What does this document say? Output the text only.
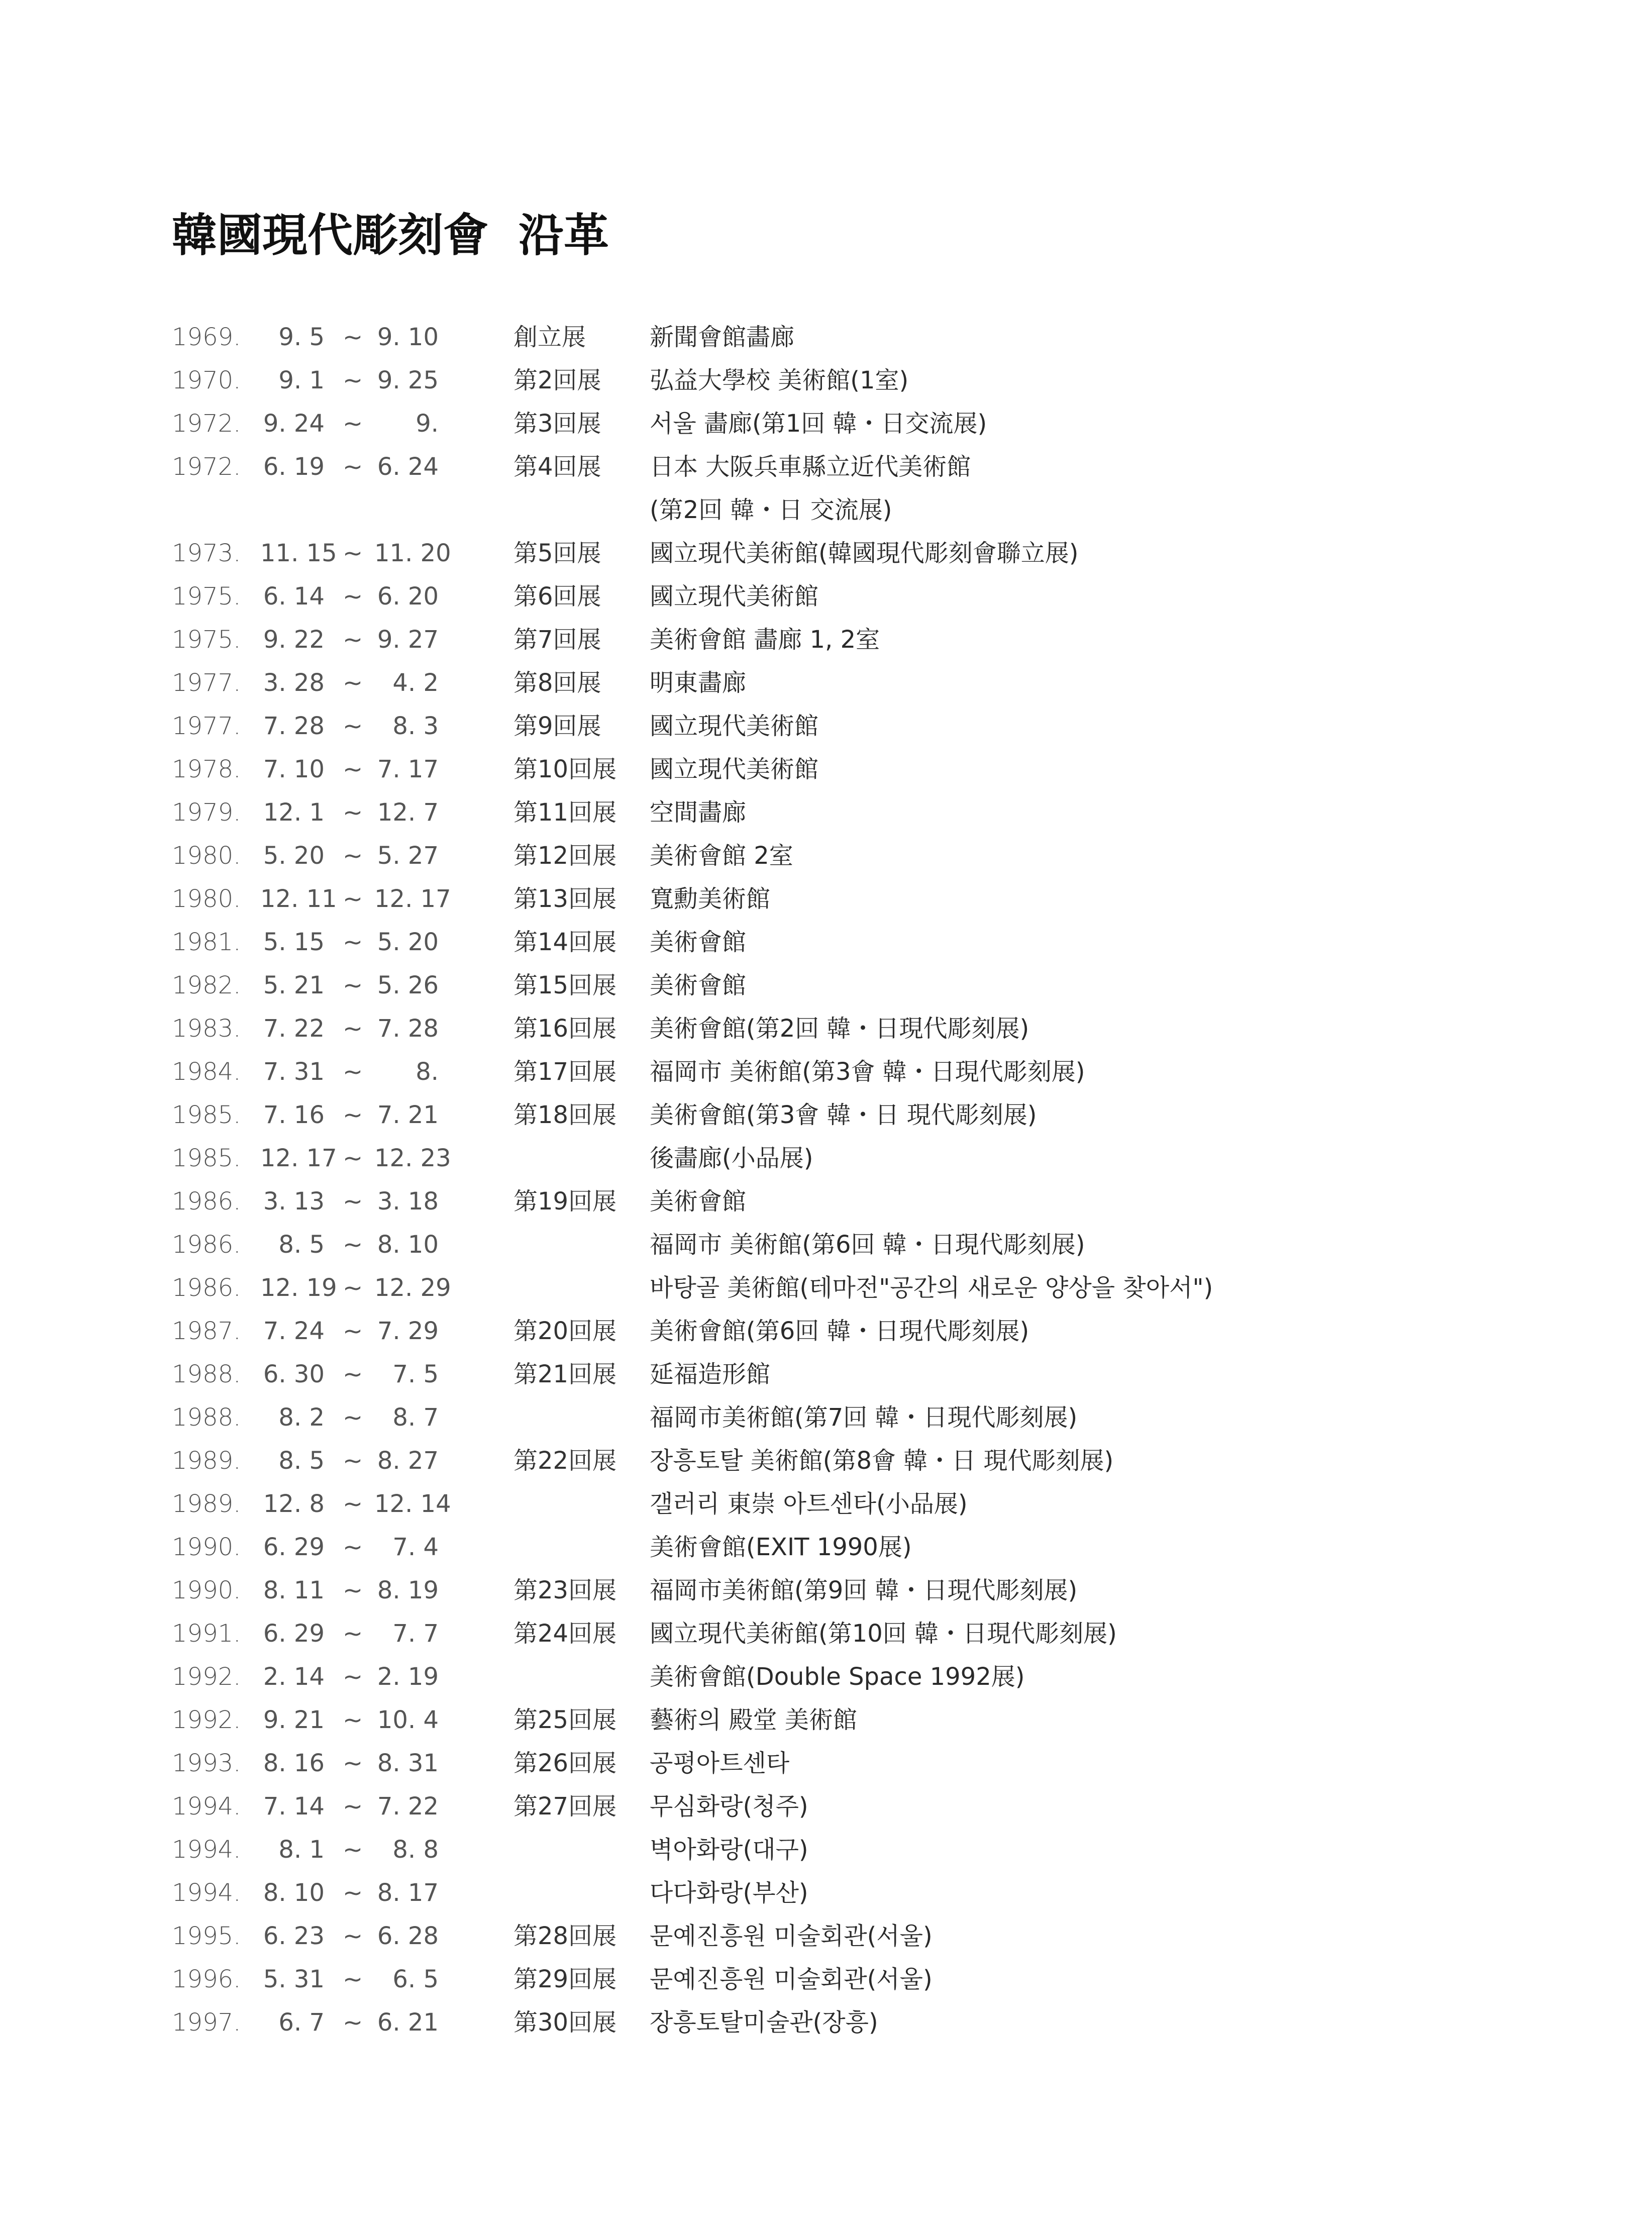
韓國現代彫刻會 沿革
1969.	9. 5 ~ 9. 10	創立展	新聞會館畵廊
1970.	9. 1 ~ 9. 25	第2回展 弘益大學校 美術館(1室)
1972. 9. 24 ~	9.	第3回展 서울 畵廊(第1回 韓・日交流展)
1972. 6. 19 ~ 6. 24	第4回展 日本 大阪兵車縣立近代美術館
(第2回 韓・日 交流展)
1973. 11. 15 ~ 11. 20	第5回展 國立現代美術館(韓國現代彫刻會聯立展)
1975. 6. 14 ~ 6. 20	第6回展 國立現代美術館
1975. 9. 22 ~ 9. 27	第7回展 美術會館 畵廊 1, 2室
1977. 3. 28 ~	4. 2	第8回展 明東畵廊
1977. 7. 28 ~	8. 3	第9回展 國立現代美術館
1978. 7. 10 ~ 7. 17	第10回展 國立現代美術館
1979. 12. 1 ~ 12. 7	第11回展 空間畵廊
1980. 5. 20 ~ 5. 27	第12回展 美術會館 2室
1980. 12. 11 ~ 12. 17	第13回展 寬勳美術館
1981. 5. 15 ~ 5. 20	第14回展 美術會館
1982. 5. 21 ~ 5. 26	第15回展 美術會館
1983. 7. 22 ~ 7. 28	第16回展 美術會館(第2回 韓・日現代彫刻展)
1984. 7. 31 ~	8.	第17回展 福岡市 美術館(第3會 韓・日現代彫刻展)
1985. 7. 16 ~ 7. 21	第18回展 美術會館(第3會 韓・日 現代彫刻展)
1985. 12. 17 ~ 12. 23	後畵廊(小品展)
1986. 3. 13 ~ 3. 18	第19回展 美術會館
1986.	8. 5 ~ 8. 10	福岡市 美術館(第6回 韓・日現代彫刻展)
1986. 12. 19 ~ 12. 29	바탕골 美術館(테마전"공간의 새로운 양상을 찾아서")
1987. 7. 24 ~ 7. 29	第20回展 美術會館(第6回 韓・日現代彫刻展)
1988. 6. 30 ~	7. 5	第21回展 延福造形館
1988.	8. 2 ~	8. 7	福岡市美術館(第7回 韓・日現代彫刻展)
1989.	8. 5 ~ 8. 27	第22回展 장흥토탈 美術館(第8會 韓・日 現代彫刻展)
1989. 12. 8 ~ 12. 14	갤러리 東崇 아트센타(小品展)
1990. 6. 29 ~	7. 4	美術會館(EXIT 1990展)
1990. 8. 11 ~ 8. 19	第23回展 福岡市美術館(第9回 韓・日現代彫刻展)
1991. 6. 29 ~	7. 7	第24回展 國立現代美術館(第10回 韓・日現代彫刻展)
1992. 2. 14 ~ 2. 19	美術會館(Double Space 1992展)
1992. 9. 21 ~ 10. 4	第25回展 藝術의 殿堂 美術館
1993. 8. 16 ~ 8. 31	第26回展 공평아트센타
1994. 7. 14 ~ 7. 22	第27回展 무심화랑(청주)
1994.	8. 1 ~	8. 8	벽아화랑(대구)
1994. 8. 10 ~ 8. 17	다다화랑(부산)
1995. 6. 23 ~ 6. 28	第28回展 문예진흥원 미술회관(서울)
1996. 5. 31 ~	6. 5	第29回展 문예진흥원 미술회관(서울)
1997.	6. 7 ~ 6. 21	第30回展 장흥토탈미술관(장흥)
